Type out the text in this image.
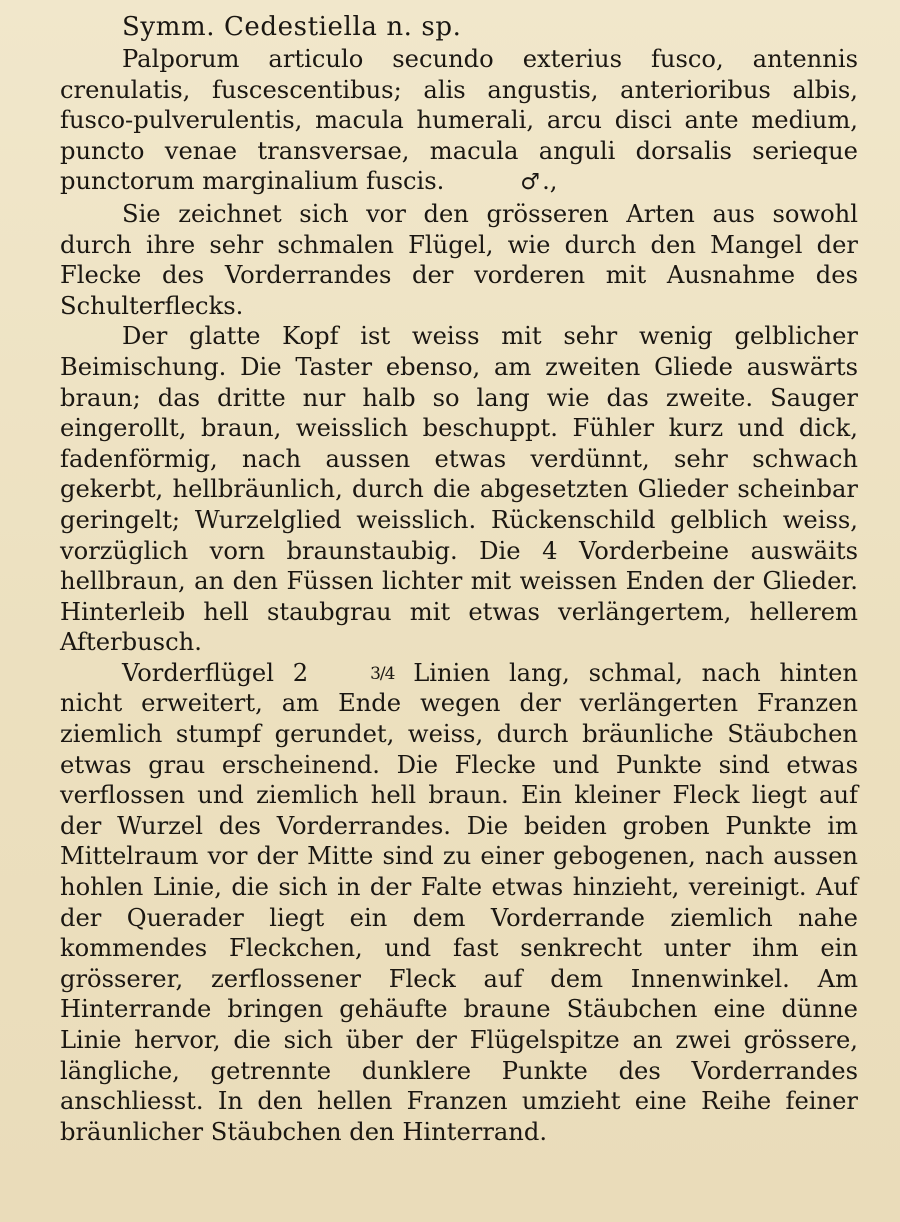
Symm. Cedestiella n. sp.

Palporum articulo secundo exterius fusco, antennis crenulatis, fuscescentibus; alis angustis, anterioribus albis, fusco-pulverulentis, macula humerali, arcu disci ante medium, puncto venae transversae, macula anguli dorsalis serieque punctorum marginalium fuscis.	♂.,

Sie zeichnet sich vor den grösseren Arten aus sowohl durch ihre sehr schmalen Flügel, wie durch den Mangel der Flecke des Vorderrandes der vorderen mit Ausnahme des Schulterflecks.

Der glatte Kopf ist weiss mit sehr wenig gelblicher Beimischung. Die Taster ebenso, am zweiten Gliede auswärts braun; das dritte nur halb so lang wie das zweite. Sauger eingerollt, braun, weisslich beschuppt. Fühler kurz und dick, fadenförmig, nach aussen etwas verdünnt, sehr schwach gekerbt, hellbräunlich, durch die abgesetzten Glieder scheinbar geringelt; Wurzelglied weisslich. Rückenschild gelblich weiss, vorzüglich vorn braunstaubig. Die 4 Vorderbeine auswäits hellbraun, an den Füssen lichter mit weissen Enden der Glieder. Hinterleib hell staubgrau mit etwas verlängertem, hellerem Afterbusch.

Vorderflügel 2	3/4 Linien lang, schmal, nach hinten nicht erweitert, am Ende wegen der verlängerten Franzen ziemlich stumpf gerundet, weiss, durch bräunliche Stäubchen etwas grau erscheinend. Die Flecke und Punkte sind etwas verflossen und ziemlich hell braun. Ein kleiner Fleck liegt auf der Wurzel des Vorderrandes. Die beiden groben Punkte im Mittelraum vor der Mitte sind zu einer gebogenen, nach aussen hohlen Linie, die sich in der Falte etwas hinzieht, vereinigt. Auf der Querader liegt ein dem Vorderrande ziemlich nahe kommendes Fleckchen, und fast senkrecht unter ihm ein grösserer, zerflossener Fleck auf dem Innenwinkel. Am Hinterrande bringen gehäufte braune Stäubchen eine dünne Linie hervor, die sich über der Flügelspitze an zwei grössere, längliche, getrennte dunklere Punkte des Vorderrandes anschliesst. In den hellen Franzen umzieht eine Reihe feiner bräunlicher Stäubchen den Hinterrand.
